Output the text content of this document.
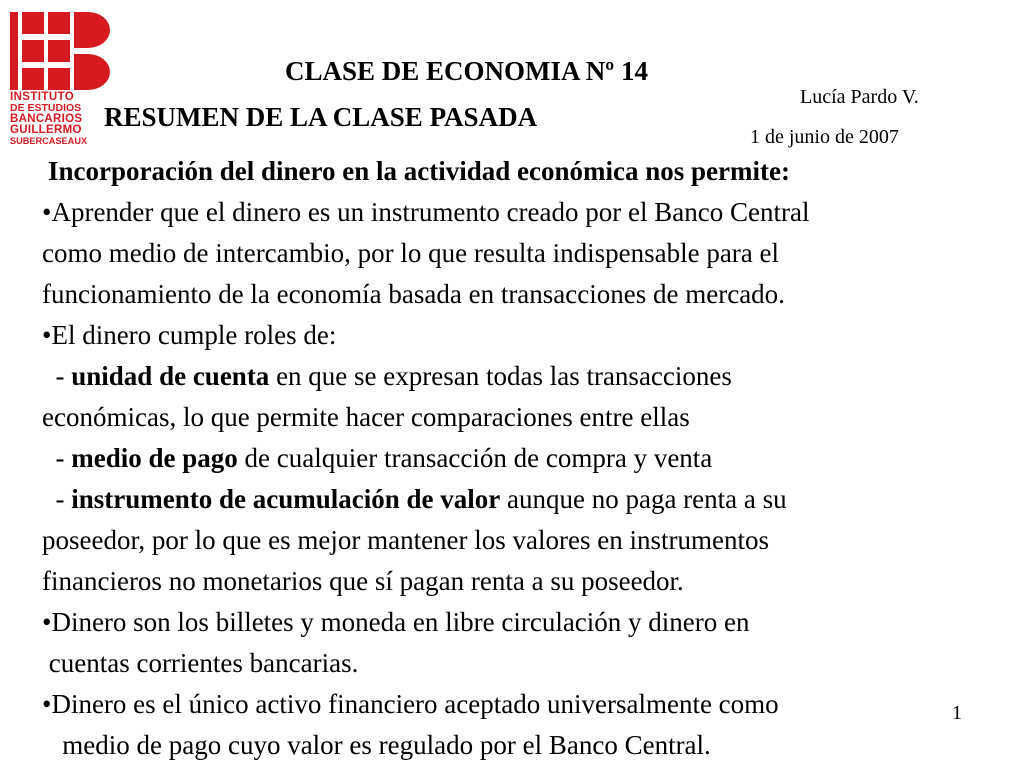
INSTITUTO
DE ESTUDIOS
BANCARIOS
GUILLERMO
SUBERCASEAUX
CLASE DE ECONOMIA Nº 14
RESUMEN DE LA CLASE PASADA
Lucía Pardo V.
1 de junio de 2007
Incorporación del dinero en la actividad económica nos permite:
•Aprender que el dinero es un instrumento creado por el Banco Central
como medio de intercambio, por lo que resulta indispensable para el
funcionamiento de la economía basada en transacciones de mercado.
•El dinero cumple roles de:
- unidad de cuenta en que se expresan todas las transacciones
económicas, lo que permite hacer comparaciones entre ellas
- medio de pago de cualquier transacción de compra y venta
- instrumento de acumulación de valor aunque no paga renta a su
poseedor, por lo que es mejor mantener los valores en instrumentos
financieros no monetarios que sí pagan renta a su poseedor.
•Dinero son los billetes y moneda en libre circulación y dinero en
cuentas corrientes bancarias.
•Dinero es el único activo financiero aceptado universalmente como
medio de pago cuyo valor es regulado por el Banco Central.
1
